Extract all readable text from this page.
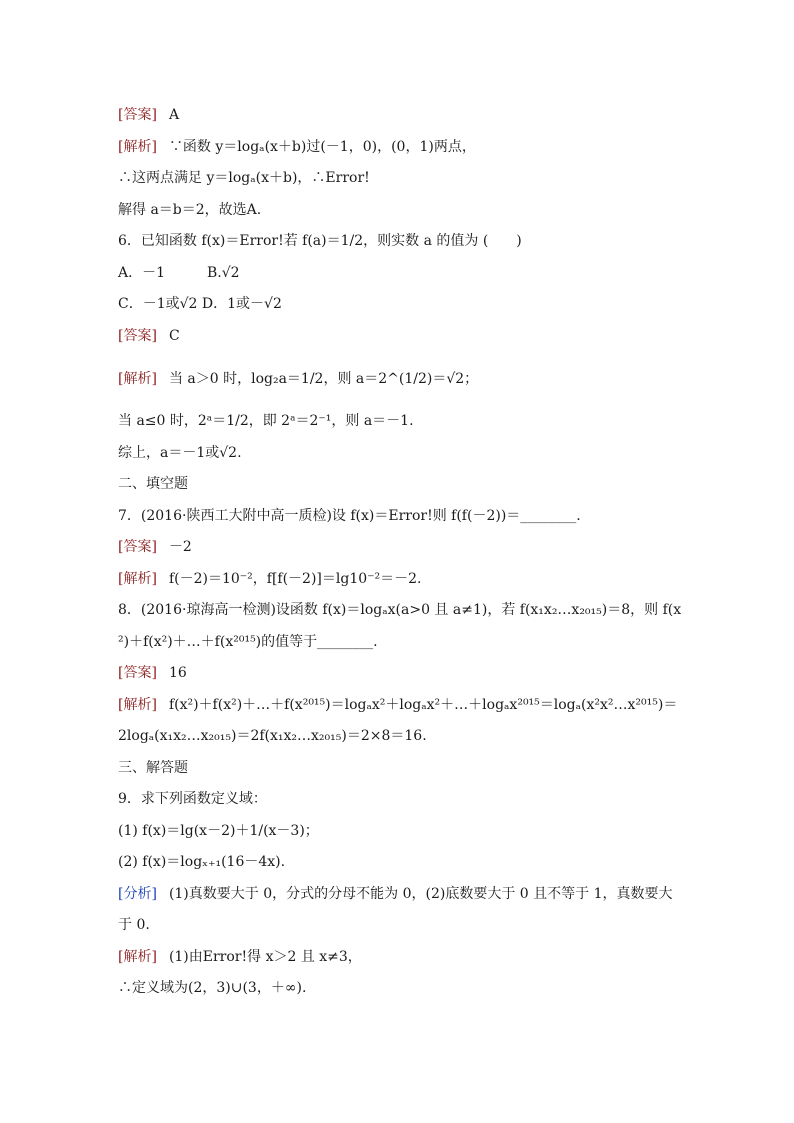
[答案] A
[解析] ∵函数 y＝logₐ(x＋b)过(－1，0)，(0，1)两点，
∴这两点满足 y＝logₐ(x＋b)，∴Error!
解得 a＝b＝2，故选A.
6．已知函数 f(x)＝Error!若 f(a)＝1/2，则实数 a 的值为 (　　)
A．－1　　　B.√2
C．－1或√2 D．1或－√2
[答案] C
[解析] 当 a＞0 时，log₂a＝1/2，则 a＝2^(1/2)＝√2；
当 a≤0 时，2ᵃ＝1/2，即 2ᵃ＝2⁻¹，则 a＝－1.
综上，a＝－1或√2.
二、填空题
7．(2016·陕西工大附中高一质检)设 f(x)＝Error!则 f(f(－2))＝________.
[答案] －2
[解析] f(－2)＝10⁻²，f[f(－2)]＝lg10⁻²＝－2.
8．(2016·琼海高一检测)设函数 f(x)＝logₐx(a>0 且 a≠1)，若 f(x₁x₂…x₂₀₁₅)＝8，则 f(x
²)＋f(x²)＋…＋f(x²⁰¹⁵)的值等于________.
[答案] 16
[解析] f(x²)＋f(x²)＋…＋f(x²⁰¹⁵)＝logₐx²＋logₐx²＋…＋logₐx²⁰¹⁵＝logₐ(x²x²…x²⁰¹⁵)＝
2logₐ(x₁x₂…x₂₀₁₅)＝2f(x₁x₂…x₂₀₁₅)＝2×8＝16.
三、解答题
9．求下列函数定义域：
(1) f(x)＝lg(x－2)＋1/(x－3)；
(2) f(x)＝logₓ₊₁(16－4x).
[分析] (1)真数要大于 0，分式的分母不能为 0，(2)底数要大于 0 且不等于 1，真数要大
于 0.
[解析] (1)由Error!得 x＞2 且 x≠3，
∴定义域为(2，3)∪(3，＋∞).
